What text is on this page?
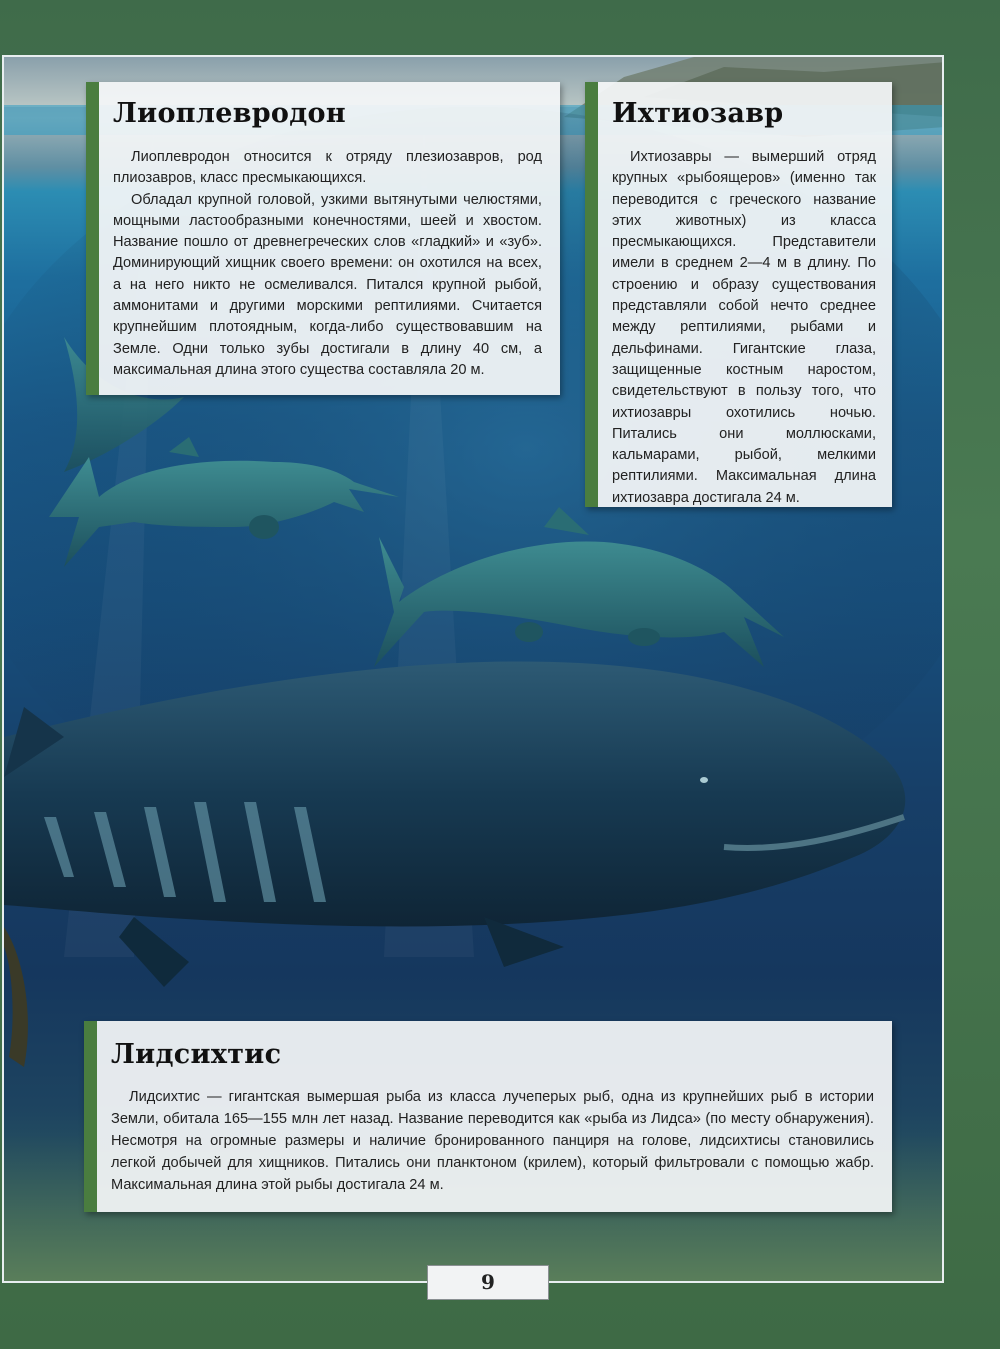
Лиоплевродон

Лиоплевродон относится к отряду плезиозавров, род плиозавров, класс пресмыкающихся.

Обладал крупной головой, узкими вытянутыми челюстями, мощными ластообразными конечностями, шеей и хвостом. Название пошло от древнегреческих слов «гладкий» и «зуб». Доминирующий хищник своего времени: он охотился на всех, а на него никто не осмеливался. Питался крупной рыбой, аммонитами и другими морскими рептилиями. Считается крупнейшим плотоядным, когда-либо существовавшим на Земле. Одни только зубы достигали в длину 40 см, а максимальная длина этого существа составляла 20 м.

Ихтиозавр

Ихтиозавры — вымерший отряд крупных «рыбоящеров» (именно так переводится с греческого название этих животных) из класса пресмыкающихся. Представители имели в среднем 2—4 м в длину. По строению и образу существования представляли собой нечто среднее между рептилиями, рыбами и дельфинами. Гигантские глаза, защищенные костным наростом, свидетельствуют в пользу того, что ихтиозавры охотились ночью. Питались они моллюсками, кальмарами, рыбой, мелкими рептилиями. Максимальная длина ихтиозавра достигала 24 м.

Лидсихтис

Лидсихтис — гигантская вымершая рыба из класса лучеперых рыб, одна из крупнейших рыб в истории Земли, обитала 165—155 млн лет назад. Название переводится как «рыба из Лидса» (по месту обнаружения). Несмотря на огромные размеры и наличие бронированного панциря на голове, лидсихтисы становились легкой добычей для хищников. Питались они планктоном (крилем), который фильтровали с помощью жабр. Максимальная длина этой рыбы достигала 24 м.

9
